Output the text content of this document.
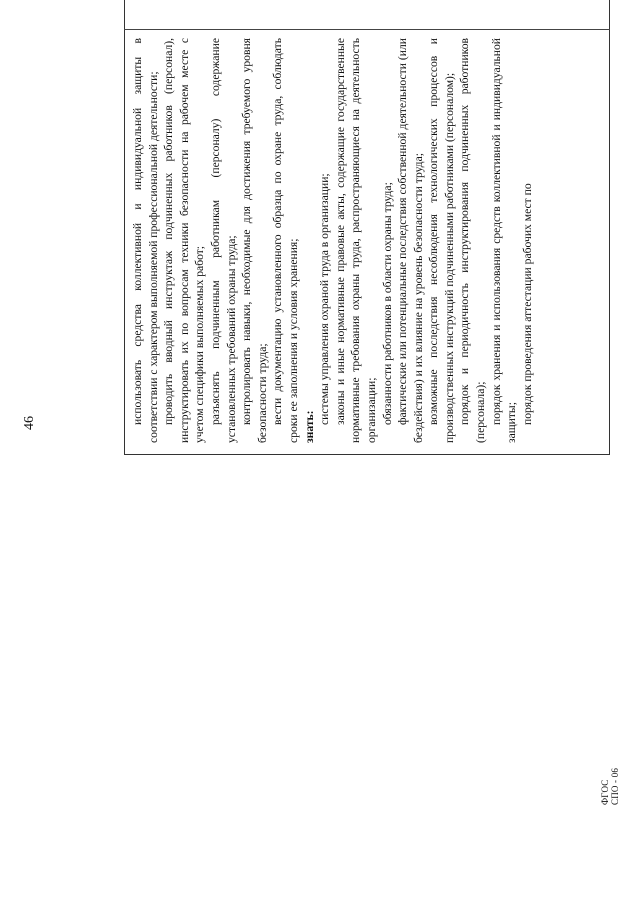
использовать средства коллективной и индивидуальной защиты в соответствии с характером выполняемой профессиональной деятельности; проводить вводный инструктаж подчиненных работников (персонал), инструктировать их по вопросам техники безопасности на рабочем месте с учетом специфики выполняемых работ; разъяснять подчиненным работникам (персоналу) содержание установленных требований охраны труда; контролировать навыки, необходимые для достижения требуемого уровня безопасности труда; вести документацию установленного образца по охране труда, соблюдать сроки ее заполнения и условия хранения; знать:

системы управления охраной труда в организации; законы и иные нормативные правовые акты, содержащие государственные нормативные требования охраны труда, распространяющиеся на деятельность организации; обязанности работников в области охраны труда; фактические или потенциальные последствия собственной деятельности (или бездействия) и их влияние на уровень безопасности труда; возможные последствия несоблюдения технологических процессов и производственных инструкций подчиненными работниками (персоналом); порядок и периодичность инструктирования подчиненных работников (персонала); порядок хранения и использования средств коллективной и индивидуальной защиты; порядок проведения аттестации рабочих мест по

46
ФГОС СПО - 06
